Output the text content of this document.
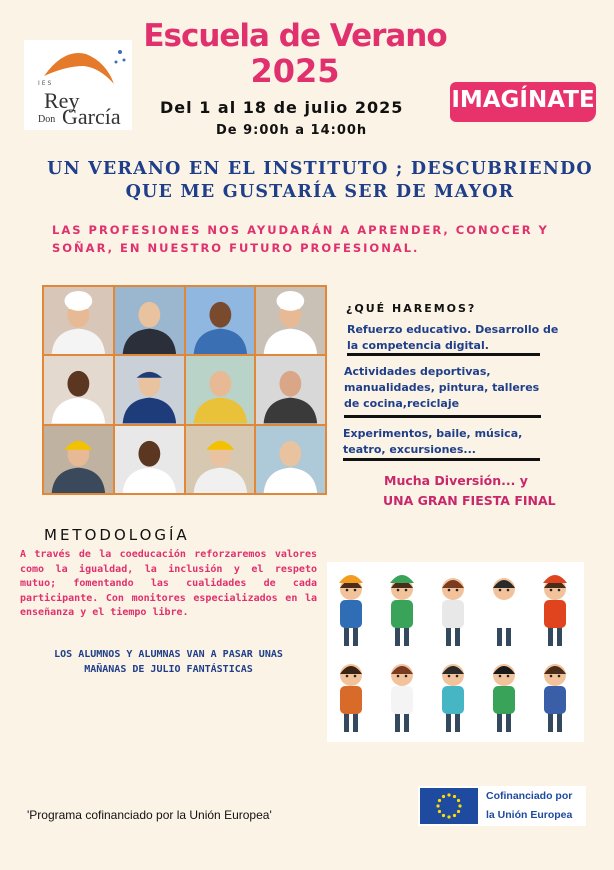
IES
Rey
Don García
Escuela de Verano
2025
Del 1 al 18 de julio 2025
De 9:00h a 14:00h
IMAGÍNATE
UN VERANO EN EL INSTITUTO ; DESCUBRIENDO
QUE ME GUSTARÍA SER DE MAYOR
LAS PROFESIONES NOS AYUDARÁN A APRENDER, CONOCER Y
SOÑAR, EN NUESTRO FUTURO PROFESIONAL.
¿QUÉ HAREMOS?
Refuerzo educativo. Desarrollo de
la competencia digital.
Actividades deportivas,
manualidades, pintura, talleres
de cocina,reciclaje
Experimentos, baile, música,
teatro, excursiones...
Mucha Diversión... y
UNA GRAN FIESTA FINAL
METODOLOGÍA
A través de la coeducación reforzaremos valores como la igualdad, la inclusión y el respeto mutuo; fomentando las cualidades de cada participante. Con monitores especializados en la enseñanza y el tiempo libre.
LOS ALUMNOS Y ALUMNAS VAN A PASAR UNAS
MAÑANAS DE JULIO FANTÁSTICAS
'Programa cofinanciado por la Unión Europea'
Cofinanciado por
la Unión Europea
